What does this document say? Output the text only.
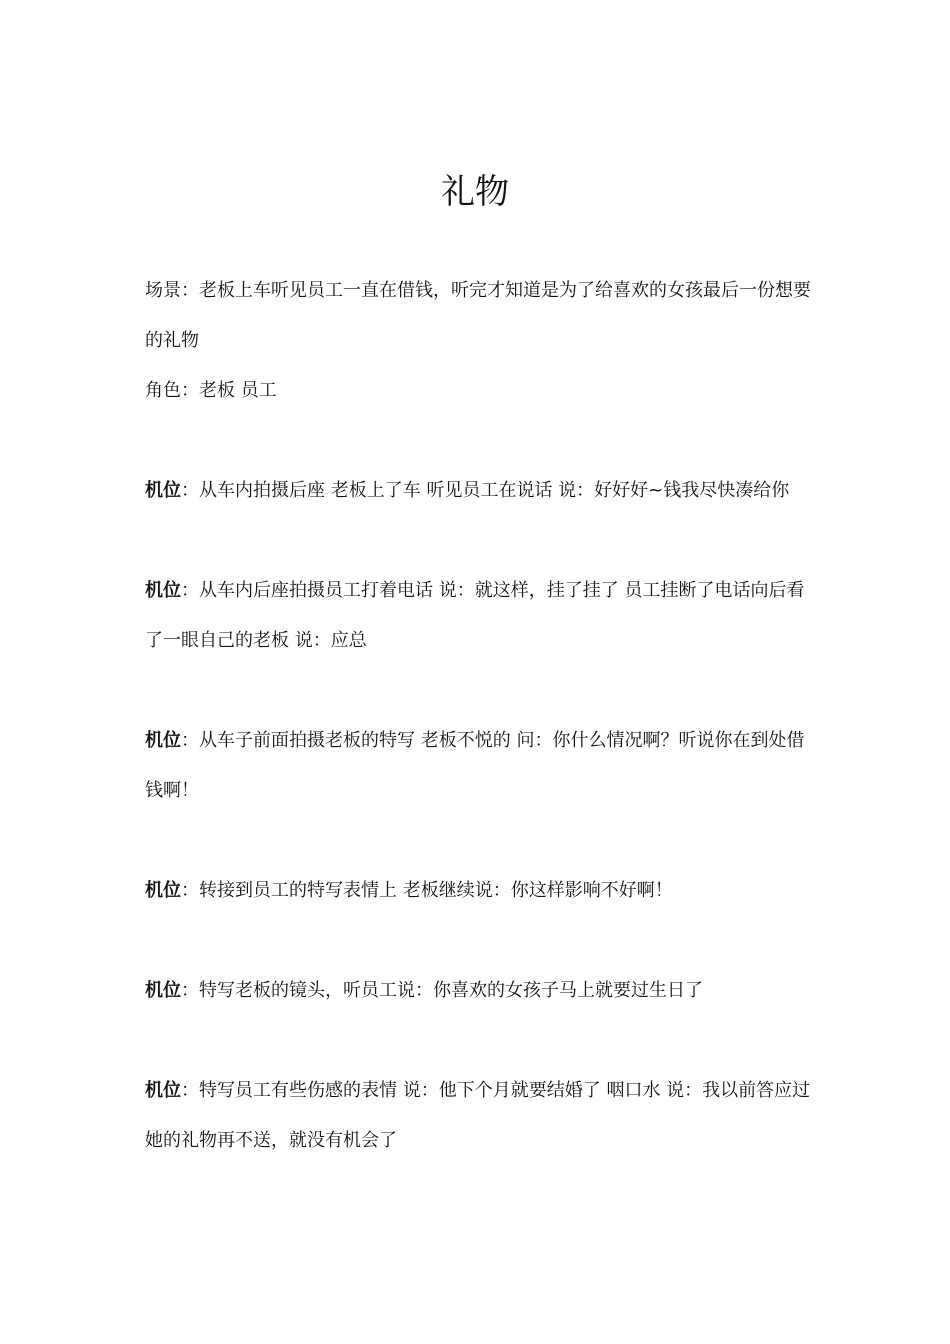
礼物

场景：老板上车听见员工一直在借钱，听完才知道是为了给喜欢的女孩最后一份想要的礼物

角色：老板 员工

机位：从车内拍摄后座 老板上了车 听见员工在说话 说：好好好~钱我尽快凑给你

机位：从车内后座拍摄员工打着电话 说：就这样，挂了挂了 员工挂断了电话向后看了一眼自己的老板 说：应总

机位：从车子前面拍摄老板的特写 老板不悦的 问：你什么情况啊？听说你在到处借钱啊！

机位：转接到员工的特写表情上 老板继续说：你这样影响不好啊！

机位：特写老板的镜头，听员工说：你喜欢的女孩子马上就要过生日了

机位：特写员工有些伤感的表情 说：他下个月就要结婚了 咽口水 说：我以前答应过她的礼物再不送，就没有机会了
